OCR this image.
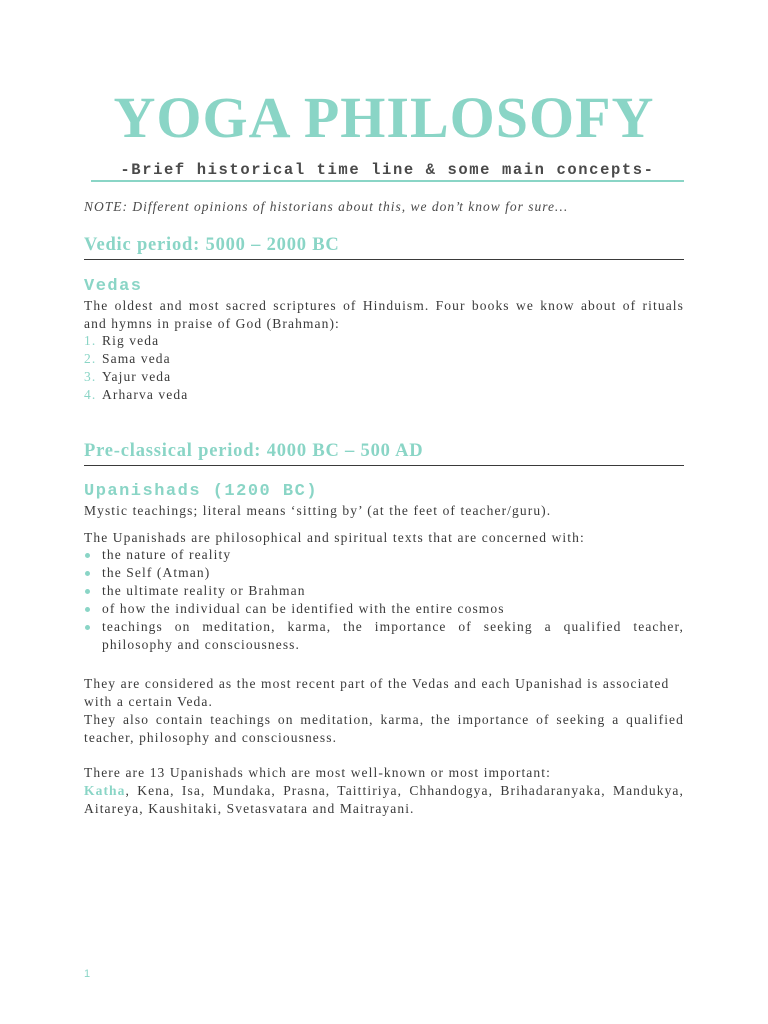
YOGA PHILOSOFY
-Brief historical time line & some main concepts-
NOTE: Different opinions of historians about this, we don’t know for sure…
Vedic period: 5000 – 2000 BC
Vedas
The oldest and most sacred scriptures of Hinduism. Four books we know about of rituals and hymns in praise of God (Brahman):
1. Rig veda
2. Sama veda
3. Yajur veda
4. Arharva veda
Pre-classical period: 4000 BC – 500 AD
Upanishads (1200 BC)
Mystic teachings; literal means ‘sitting by’ (at the feet of teacher/guru).
The Upanishads are philosophical and spiritual texts that are concerned with:
the nature of reality
the Self (Atman)
the ultimate reality or Brahman
of how the individual can be identified with the entire cosmos
teachings on meditation, karma, the importance of seeking a qualified teacher, philosophy and consciousness.
They are considered as the most recent part of the Vedas and each Upanishad is associated with a certain Veda.
They also contain teachings on meditation, karma, the importance of seeking a qualified teacher, philosophy and consciousness.
There are 13 Upanishads which are most well-known or most important:
Katha, Kena, Isa, Mundaka, Prasna, Taittiriya, Chhandogya, Brihadaranyaka, Mandukya, Aitareya, Kaushitaki, Svetasvatara and Maitrayani.
1
